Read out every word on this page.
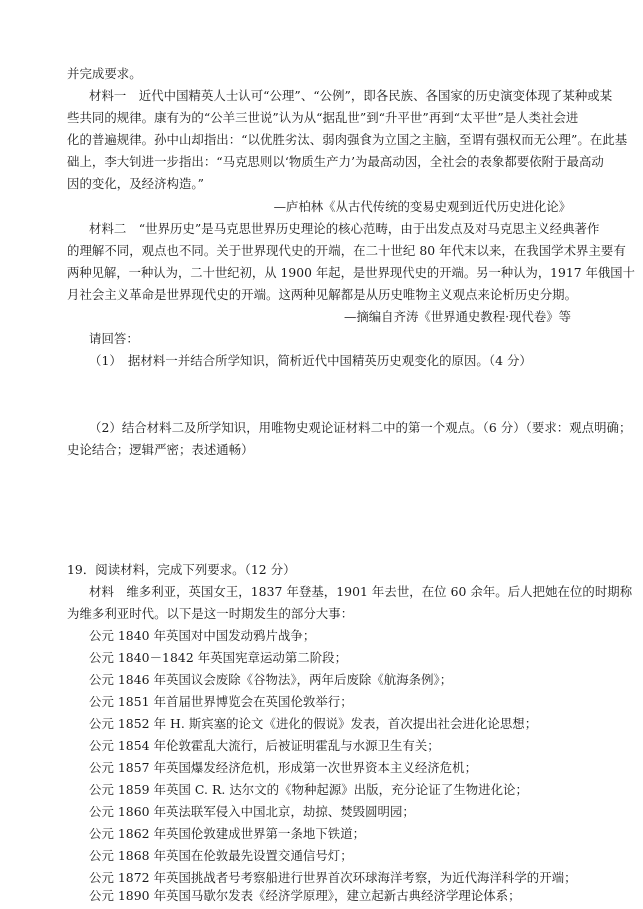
并完成要求。
材料一　近代中国精英人士认可“公理”、“公例”，即各民族、各国家的历史演变体现了某种或某
些共同的规律。康有为的“公羊三世说”认为从“据乱世”到“升平世”再到“太平世”是人类社会进
化的普遍规律。孙中山却指出：“以优胜劣汰、弱肉强食为立国之主脑，至谓有强权而无公理”。在此基
础上，李大钊进一步指出：“马克思则以‘物质生产力’为最高动因，全社会的表象都要依附于最高动
因的变化，及经济构造。”
—庐柏林《从古代传统的变易史观到近代历史进化论》
材料二　“世界历史”是马克思世界历史理论的核心范畴，由于出发点及对马克思主义经典著作
的理解不同，观点也不同。关于世界现代史的开端，在二十世纪 80 年代末以来，在我国学术界主要有
两种见解，一种认为，二十世纪初，从 1900 年起，是世界现代史的开端。另一种认为，1917 年俄国十
月社会主义革命是世界现代史的开端。这两种见解都是从历史唯物主义观点来论析历史分期。
—摘编自齐涛《世界通史教程·现代卷》等
请回答：
（1）　据材料一并结合所学知识，简析近代中国精英历史观变化的原因。（4 分）
（2）结合材料二及所学知识，用唯物史观论证材料二中的第一个观点。（6 分）（要求：观点明确；
史论结合；逻辑严密；表述通畅）
19．阅读材料，完成下列要求。（12 分）
材料　维多利亚，英国女王，1837 年登基，1901 年去世，在位 60 余年。后人把她在位的时期称
为维多利亚时代。以下是这一时期发生的部分大事：
公元 1840 年英国对中国发动鸦片战争；
公元 1840－1842 年英国宪章运动第二阶段；
公元 1846 年英国议会废除《谷物法》，两年后废除《航海条例》；
公元 1851 年首届世界博览会在英国伦敦举行；
公元 1852 年 H. 斯宾塞的论文《进化的假说》发表，首次提出社会进化论思想；
公元 1854 年伦敦霍乱大流行，后被证明霍乱与水源卫生有关；
公元 1857 年英国爆发经济危机，形成第一次世界资本主义经济危机；
公元 1859 年英国 C. R. 达尔文的《物种起源》出版，充分论证了生物进化论；
公元 1860 年英法联军侵入中国北京，劫掠、焚毁圆明园；
公元 1862 年英国伦敦建成世界第一条地下铁道；
公元 1868 年英国在伦敦最先设置交通信号灯；
公元 1872 年英国挑战者号考察船进行世界首次环球海洋考察，为近代海洋科学的开端；
公元 1890 年英国马歇尔发表《经济学原理》，建立起新古典经济学理论体系；
